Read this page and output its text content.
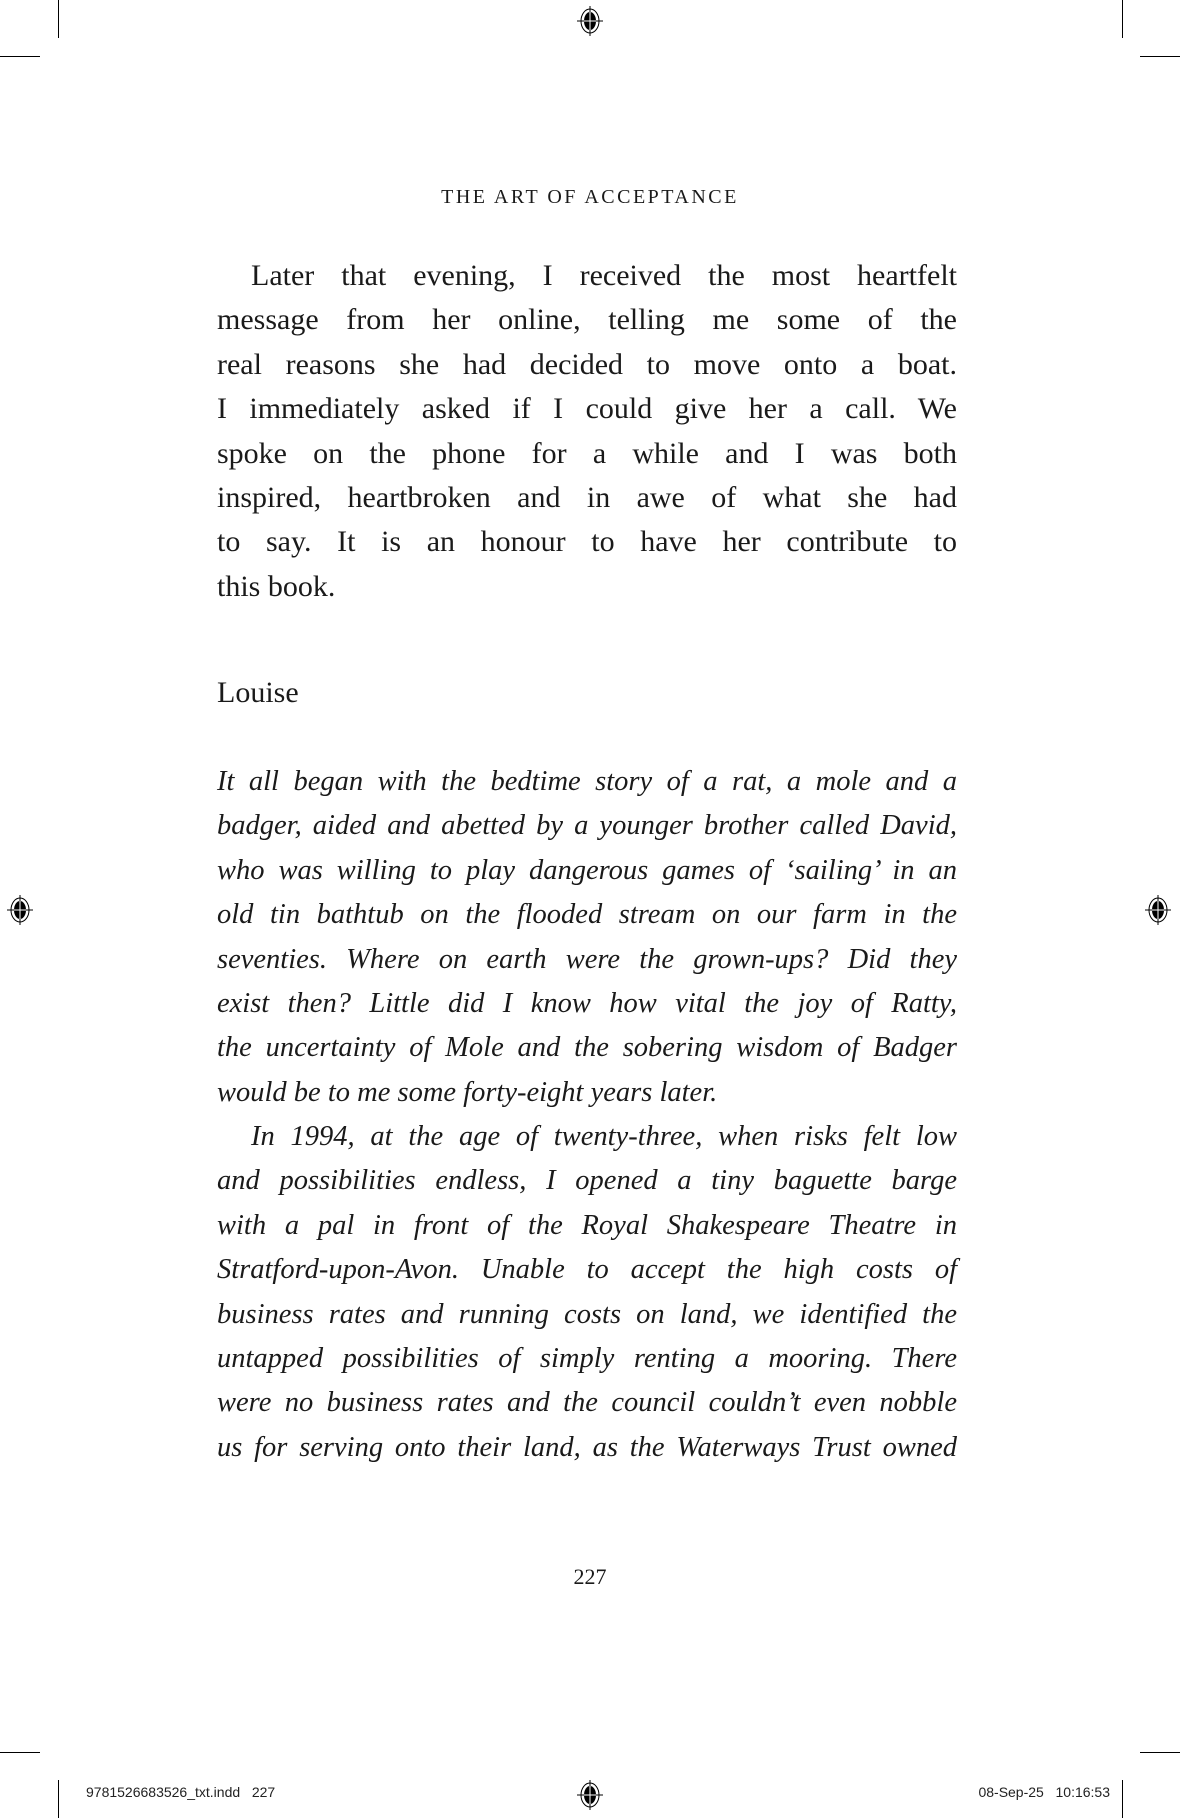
THE ART OF ACCEPTANCE
Later that evening, I received the most heartfelt
message from her online, telling me some of the
real reasons she had decided to move onto a boat.
I immediately asked if I could give her a call. We
spoke on the phone for a while and I was both
inspired, heartbroken and in awe of what she had
to say. It is an honour to have her contribute to
this book.
Louise
It all began with the bedtime story of a rat, a mole and a
badger, aided and abetted by a younger brother called David,
who was willing to play dangerous games of ‘sailing’ in an
old tin bathtub on the flooded stream on our farm in the
seventies. Where on earth were the grown-ups? Did they
exist then? Little did I know how vital the joy of Ratty,
the uncertainty of Mole and the sobering wisdom of Badger
would be to me some forty-eight years later.
In 1994, at the age of twenty-three, when risks felt low
and possibilities endless, I opened a tiny baguette barge
with a pal in front of the Royal Shakespeare Theatre in
Stratford-upon-Avon. Unable to accept the high costs of
business rates and running costs on land, we identified the
untapped possibilities of simply renting a mooring. There
were no business rates and the council couldn’t even nobble
us for serving onto their land, as the Waterways Trust owned
227
9781526683526_txt.indd   227	08-Sep-25   10:16:53
